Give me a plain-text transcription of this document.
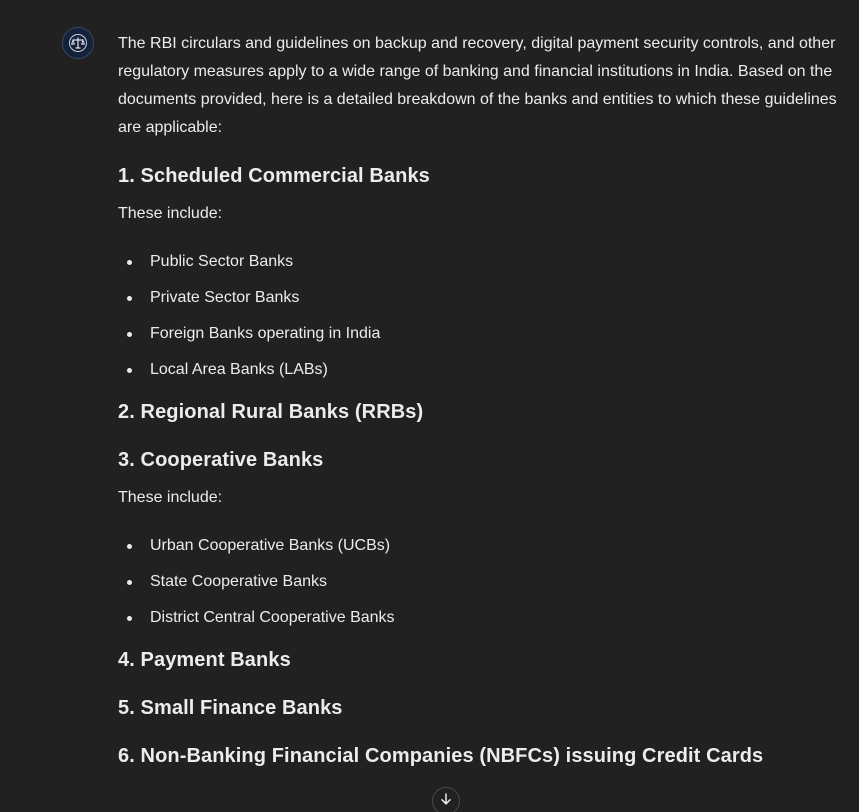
The RBI circulars and guidelines on backup and recovery, digital payment security controls, and other regulatory measures apply to a wide range of banking and financial institutions in India. Based on the documents provided, here is a detailed breakdown of the banks and entities to which these guidelines are applicable:

1. Scheduled Commercial Banks

These include:

Public Sector Banks
Private Sector Banks
Foreign Banks operating in India
Local Area Banks (LABs)
2. Regional Rural Banks (RRBs)
3. Cooperative Banks

These include:

Urban Cooperative Banks (UCBs)
State Cooperative Banks
District Central Cooperative Banks
4. Payment Banks
5. Small Finance Banks
6. Non-Banking Financial Companies (NBFCs) issuing Credit Cards
